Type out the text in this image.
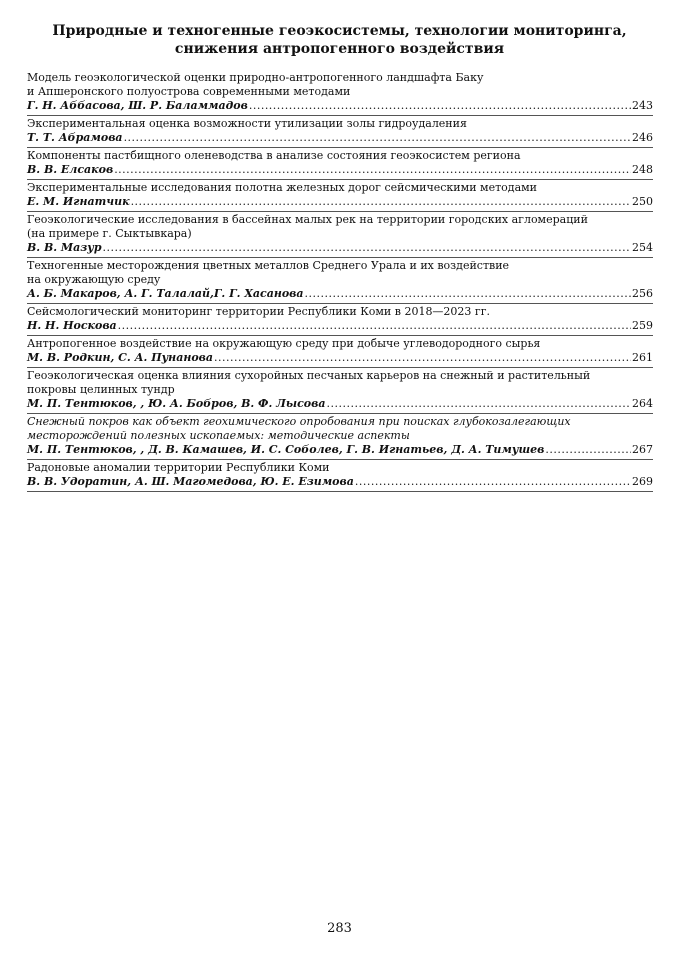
Природные и техногенные геоэкосистемы, технологии мониторинга,
снижения антропогенного воздействия
Модель геоэкологической оценки природно-антропогенного ландшафта Баку
и Апшеронского полуострова современными методами
Г. Н. Аббасова, Ш. Р. Баламмадов .....	243
Экспериментальная оценка возможности утилизации золы гидроудаления
Т. Т. Абрамова .....	246
Компоненты пастбищного оленеводства в анализе состояния геоэкосистем региона
В. В. Елсаков .....	248
Экспериментальные исследования полотна железных дорог сейсмическими методами
Е. М. Игнатчик .....	250
Геоэкологические исследования в бассейнах малых рек на территории городских агломераций
(на примере г. Сыктывкара)
В. В. Мазур .....	254
Техногенные месторождения цветных металлов Среднего Урала и их воздействие
на окружающую среду
А. Б. Макаров, А. Г. Талалай,Г. Г. Хасанова .....	256
Сейсмологический мониторинг территории Республики Коми в 2018—2023 гг.
Н. Н. Носкова .....	259
Антропогенное воздействие на окружающую среду при добыче углеводородного сырья
М. В. Родкин, С. А. Пунанова .....	261
Геоэкологическая оценка влияния сухоройных песчаных карьеров на снежный и растительный
покровы целинных тундр
М. П. Тентюков, , Ю. А. Бобров, В. Ф. Лысова .....	264
Снежный покров как объект геохимического опробования при поисках глубокозалегающих
месторождений полезных ископаемых: методические аспекты
М. П. Тентюков, , Д. В. Камашев, И. С. Соболев, Г. В. Игнатьев, Д. А. Тимушев .....	267
Радоновые аномалии территории Республики Коми
В. В. Удоратин, А. Ш. Магомедова, Ю. Е. Езимова .....	269

283
